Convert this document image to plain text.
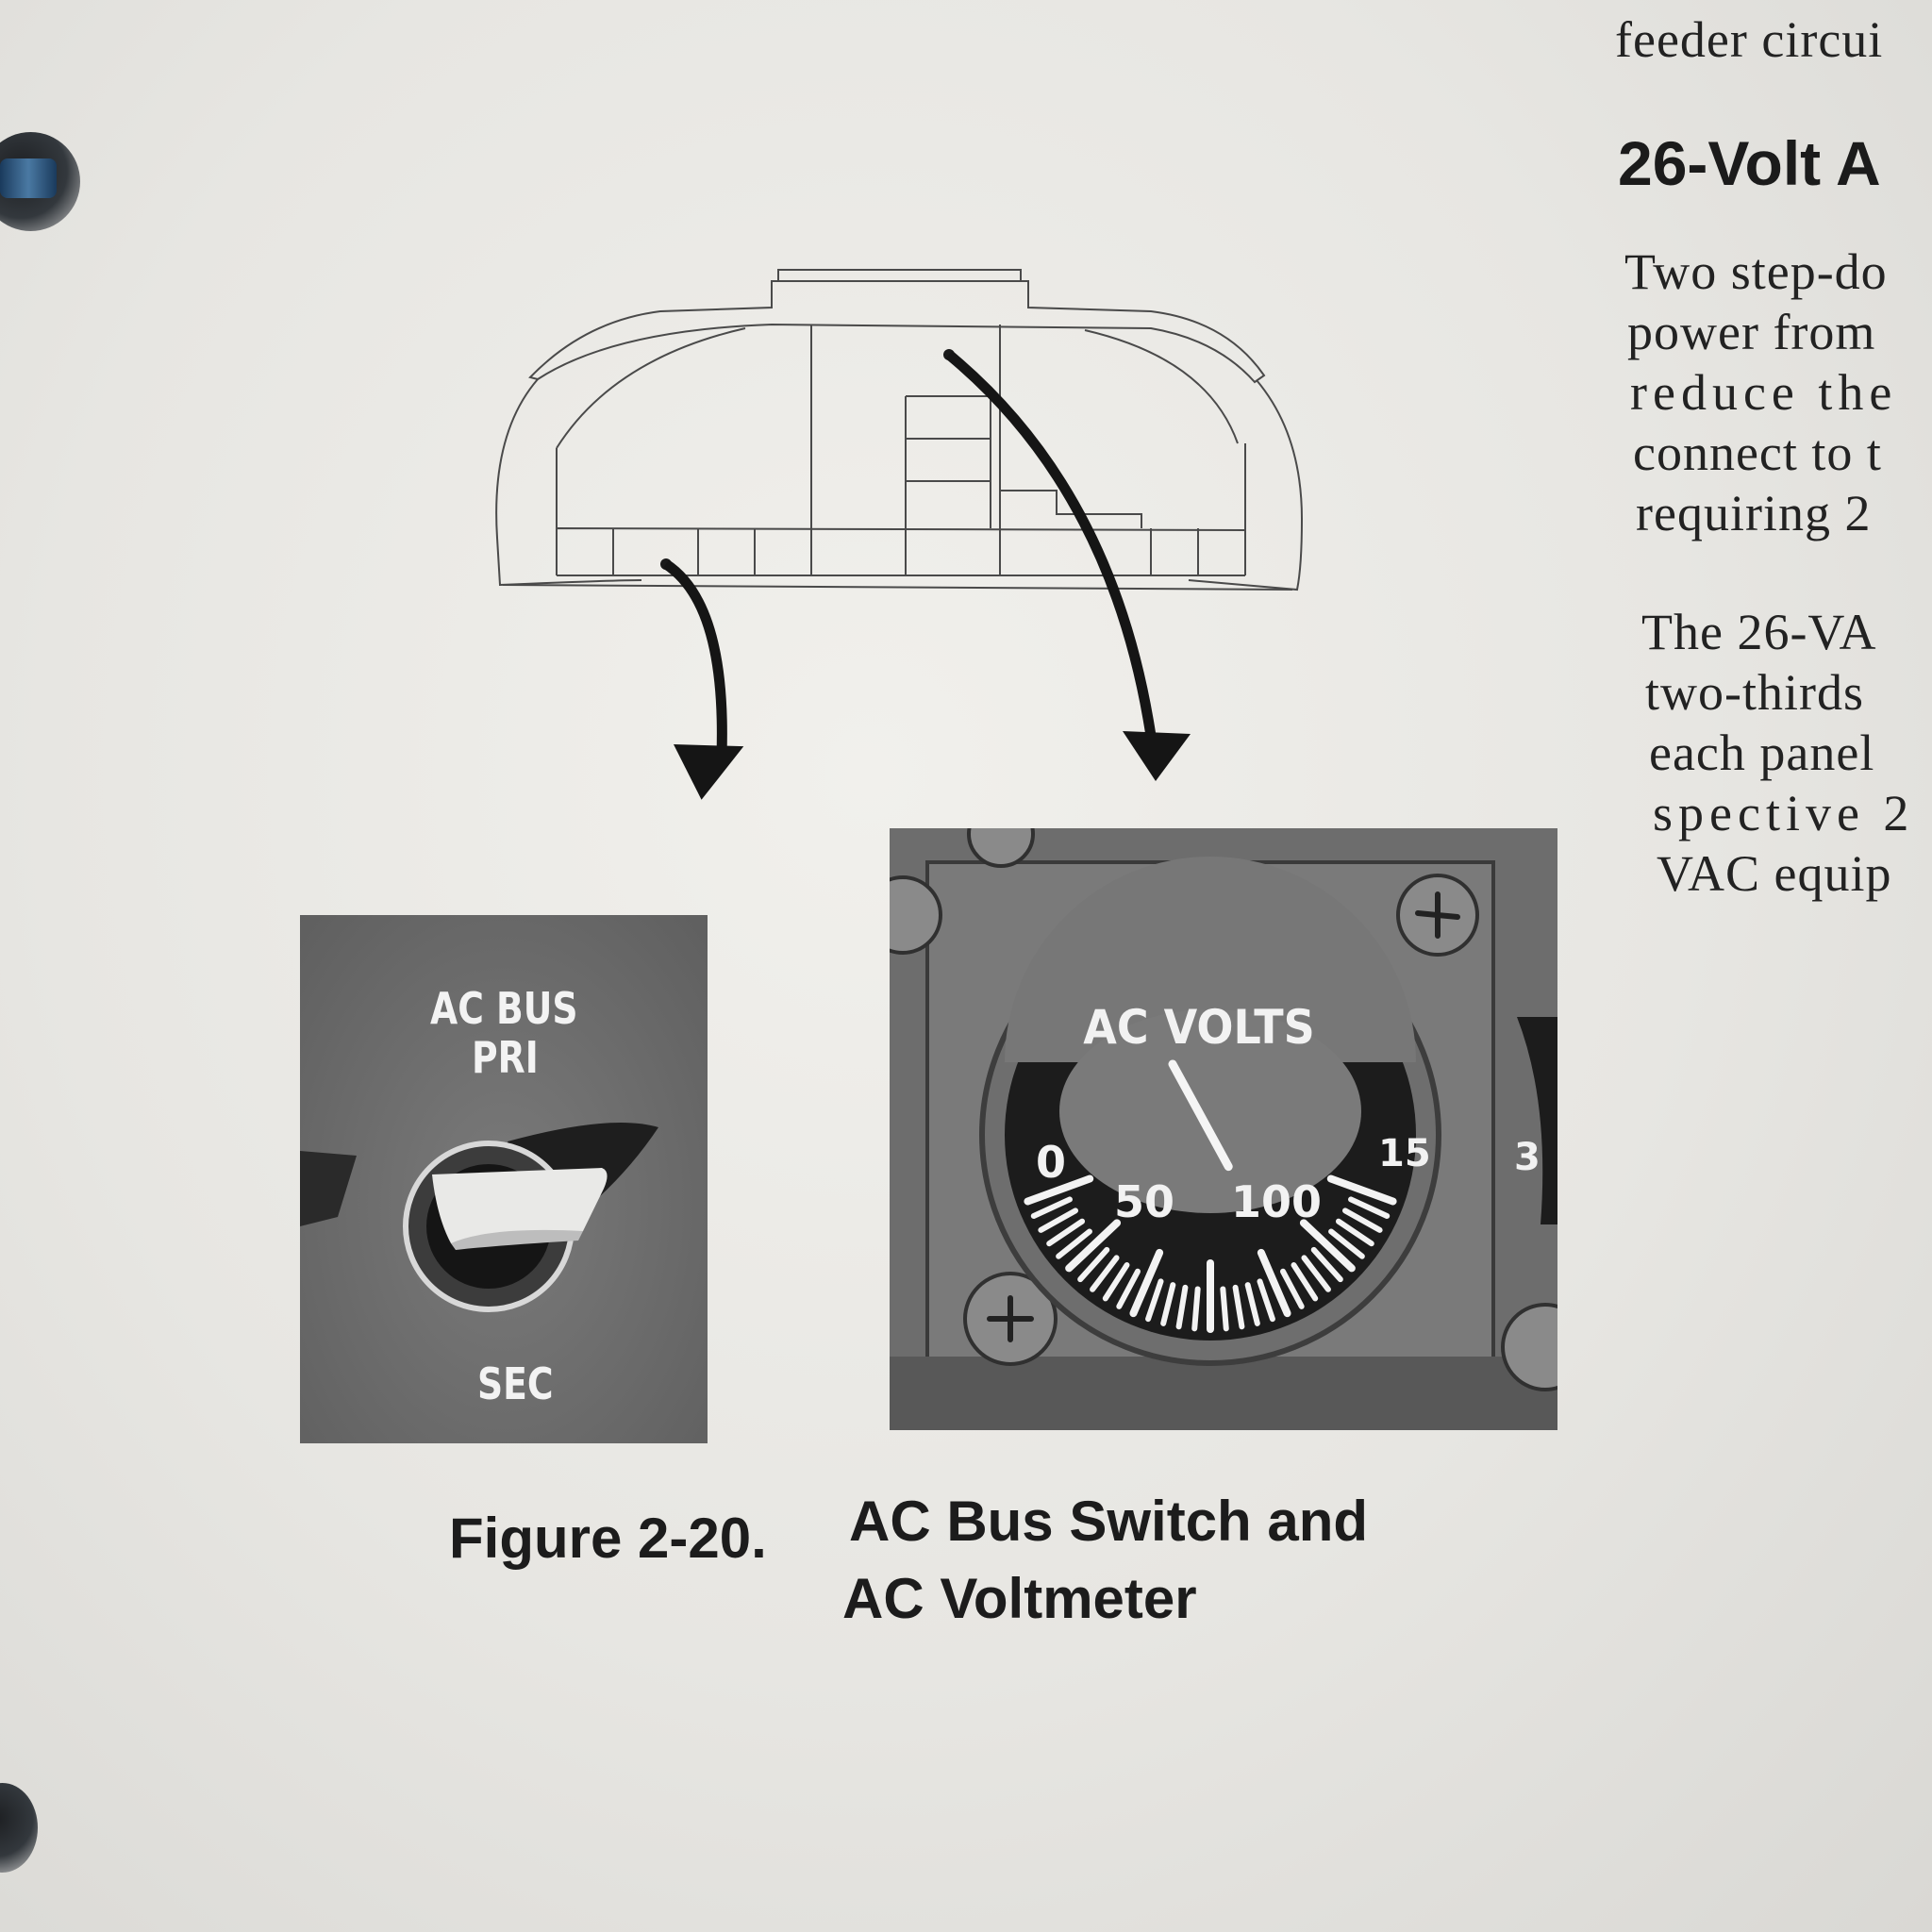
feeder circui
26-Volt A
Two step-do
power from
reduce the
connect to t
requiring 2
The 26-VA
two-thirds
each panel
spective 2
VAC equip
AC BUS
PRI
SEC
AC VOLTS
0
50 100
15 3
Figure 2-20. AC Bus Switch and
AC Voltmeter
